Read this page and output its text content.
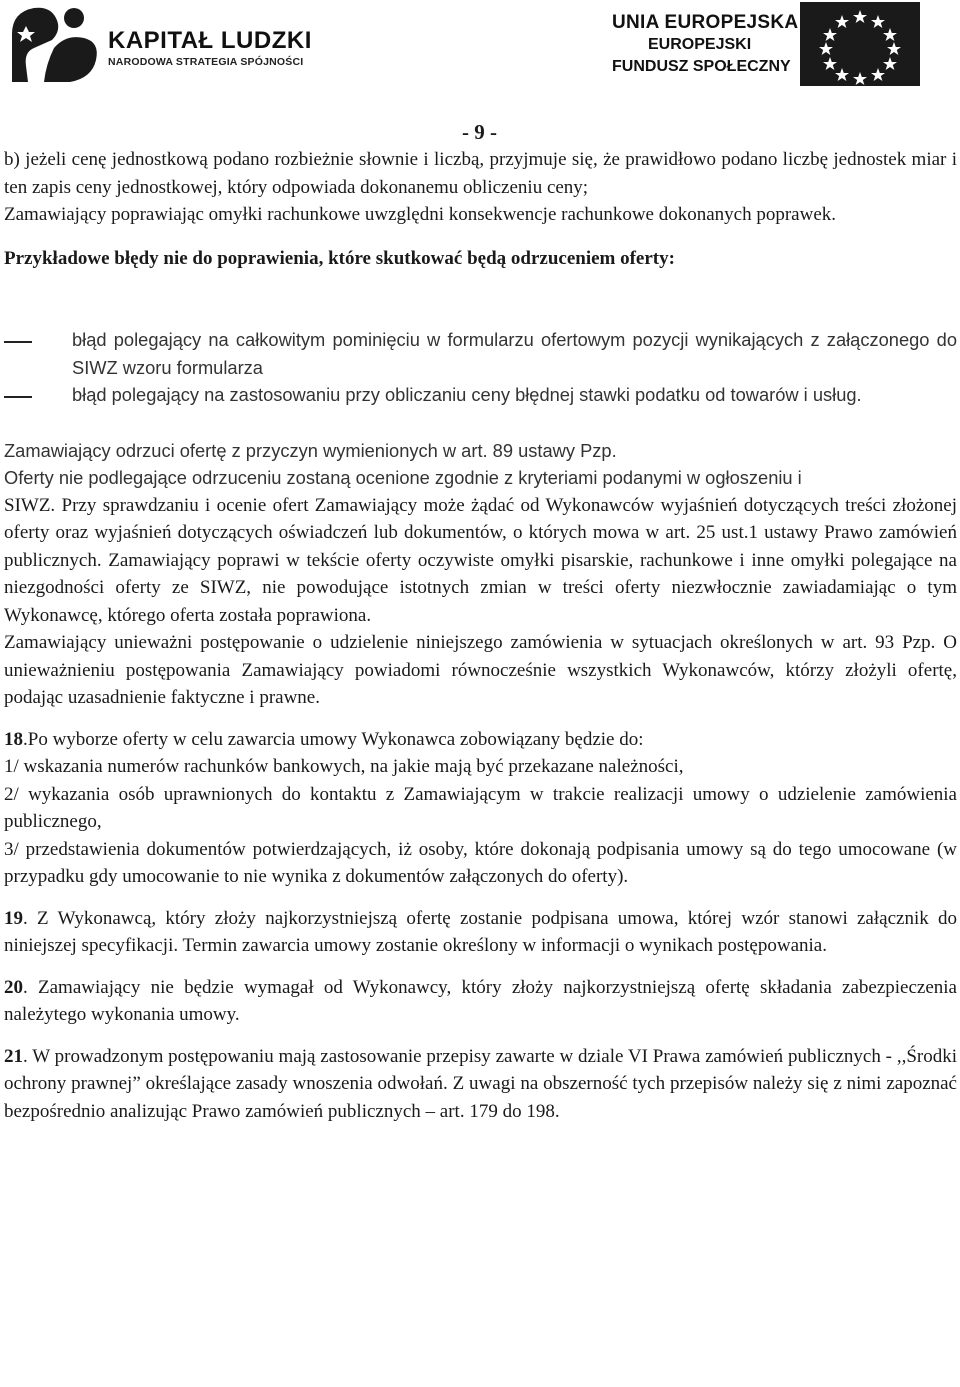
KAPITAŁ LUDZKI
NARODOWA STRATEGIA SPÓJNOŚCI
UNIA EUROPEJSKA
EUROPEJSKI
FUNDUSZ SPOŁECZNY
- 9 -

b) jeżeli cenę jednostkową podano rozbieżnie słownie i liczbą, przyjmuje się, że prawidłowo podano liczbę jednostek miar i ten zapis ceny jednostkowej, który odpowiada dokonanemu obliczeniu ceny;

Zamawiający poprawiając omyłki rachunkowe uwzględni konsekwencje rachunkowe dokonanych poprawek.

Przykładowe błędy nie do poprawienia, które skutkować będą odrzuceniem oferty:

błąd polegający na całkowitym pominięciu w formularzu ofertowym pozycji wynikających z załączonego do SIWZ wzoru formularza
błąd polegający na zastosowaniu przy obliczaniu ceny błędnej stawki podatku od towarów i usług.

Zamawiający odrzuci ofertę z przyczyn wymienionych w art. 89 ustawy Pzp.

Oferty nie podlegające odrzuceniu zostaną ocenione zgodnie z kryteriami podanymi w ogłoszeniu i

SIWZ. Przy sprawdzaniu i ocenie ofert Zamawiający może żądać od Wykonawców wyjaśnień dotyczących treści złożonej oferty oraz wyjaśnień dotyczących oświadczeń lub dokumentów, o których mowa w art. 25 ust.1 ustawy Prawo zamówień publicznych. Zamawiający poprawi w tekście oferty oczywiste omyłki pisarskie, rachunkowe i inne omyłki polegające na niezgodności oferty ze SIWZ, nie powodujące istotnych zmian w treści oferty niezwłocznie zawiadamiając o tym Wykonawcę, którego oferta została poprawiona.

Zamawiający unieważni postępowanie o udzielenie niniejszego zamówienia w sytuacjach określonych w art. 93 Pzp. O unieważnieniu postępowania Zamawiający powiadomi równocześnie wszystkich Wykonawców, którzy złożyli ofertę, podając uzasadnienie faktyczne i prawne.

18.Po wyborze oferty w celu zawarcia umowy Wykonawca zobowiązany będzie do:

1/ wskazania numerów rachunków bankowych, na jakie mają być przekazane należności,

2/ wykazania osób uprawnionych do kontaktu z Zamawiającym w trakcie realizacji umowy o udzielenie zamówienia publicznego,

3/ przedstawienia dokumentów potwierdzających, iż osoby, które dokonają podpisania umowy są do tego umocowane (w przypadku gdy umocowanie to nie wynika z dokumentów załączonych do oferty).

19. Z Wykonawcą, który złoży najkorzystniejszą ofertę zostanie podpisana umowa, której wzór stanowi załącznik do niniejszej specyfikacji. Termin zawarcia umowy zostanie określony w informacji o wynikach postępowania.

20. Zamawiający nie będzie wymagał od Wykonawcy, który złoży najkorzystniejszą ofertę składania zabezpieczenia należytego wykonania umowy.

21. W prowadzonym postępowaniu mają zastosowanie przepisy zawarte w dziale VI Prawa zamówień publicznych - ,,Środki ochrony prawnej” określające zasady wnoszenia odwołań. Z uwagi na obszerność tych przepisów należy się z nimi zapoznać bezpośrednio analizując Prawo zamówień publicznych – art. 179 do 198.
